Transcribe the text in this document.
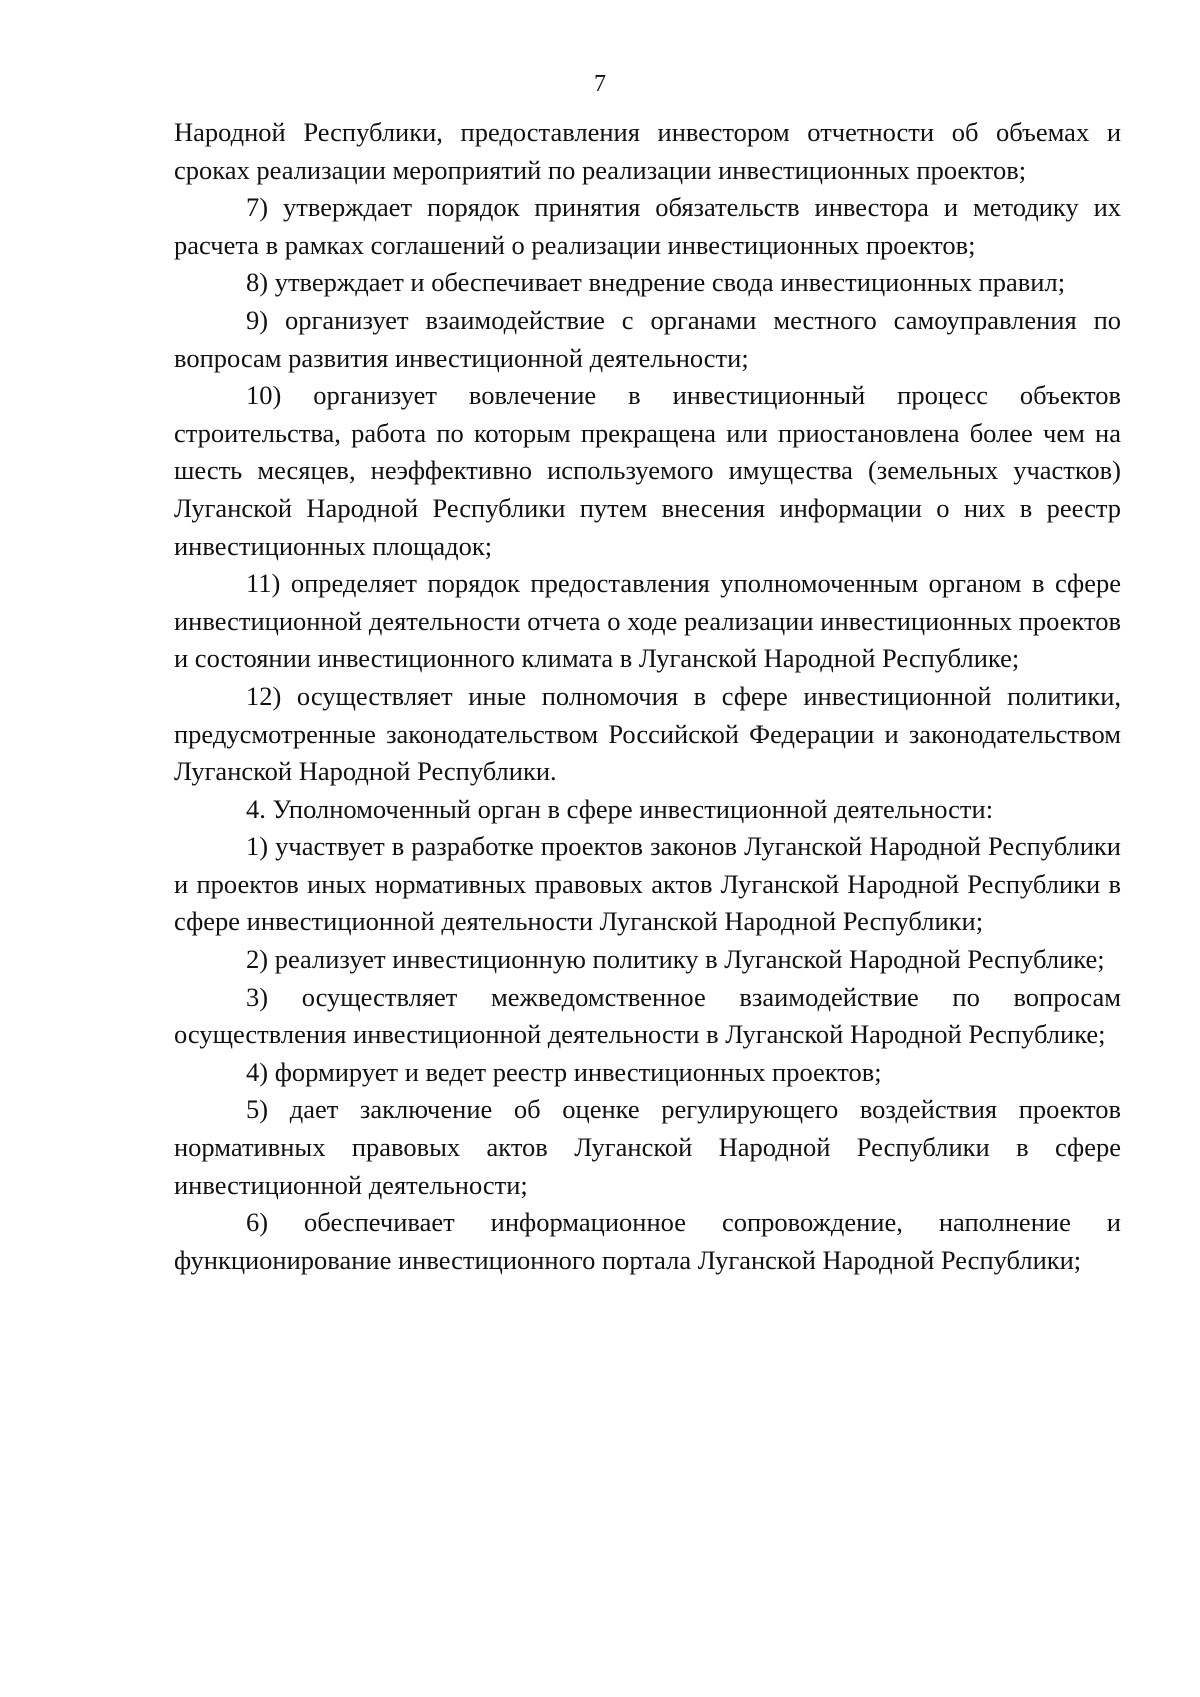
7

Народной Республики, предоставления инвестором отчетности об объемах и сроках реализации мероприятий по реализации инвестиционных проектов;

7) утверждает порядок принятия обязательств инвестора и методику их расчета в рамках соглашений о реализации инвестиционных проектов;

8) утверждает и обеспечивает внедрение свода инвестиционных правил;

9) организует взаимодействие с органами местного самоуправления по вопросам развития инвестиционной деятельности;

10) организует вовлечение в инвестиционный процесс объектов строительства, работа по которым прекращена или приостановлена более чем на шесть месяцев, неэффективно используемого имущества (земельных участков) Луганской Народной Республики путем внесения информации о них в реестр инвестиционных площадок;

11) определяет порядок предоставления уполномоченным органом в сфере инвестиционной деятельности отчета о ходе реализации инвестиционных проектов и состоянии инвестиционного климата в Луганской Народной Республике;

12) осуществляет иные полномочия в сфере инвестиционной политики, предусмотренные законодательством Российской Федерации и законодательством Луганской Народной Республики.

4. Уполномоченный орган в сфере инвестиционной деятельности:

1) участвует в разработке проектов законов Луганской Народной Республики и проектов иных нормативных правовых актов Луганской Народной Республики в сфере инвестиционной деятельности Луганской Народной Республики;

2) реализует инвестиционную политику в Луганской Народной Республике;

3) осуществляет межведомственное взаимодействие по вопросам осуществления инвестиционной деятельности в Луганской Народной Республике;

4) формирует и ведет реестр инвестиционных проектов;

5) дает заключение об оценке регулирующего воздействия проектов нормативных правовых актов Луганской Народной Республики в сфере инвестиционной деятельности;

6) обеспечивает информационное сопровождение, наполнение и функционирование инвестиционного портала Луганской Народной Республики;
